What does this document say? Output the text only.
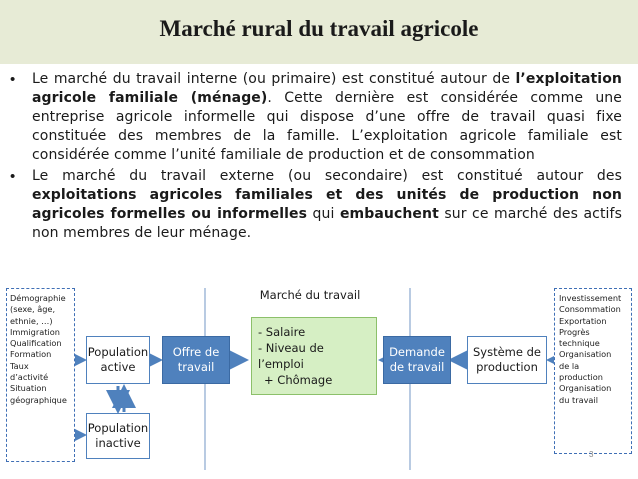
Marché rural du travail agricole
•	Le marché du travail interne (ou primaire) est constitué autour de l’exploitation agricole familiale (ménage). Cette dernière est considérée comme une entreprise agricole informelle qui dispose d’une offre de travail quasi fixe constituée des membres de la famille. L’exploitation agricole familiale est considérée comme l’unité familiale de production et de consommation
•	Le marché du travail externe (ou secondaire) est constitué autour des exploitations agricoles familiales et des unités de production non agricoles formelles ou informelles qui embauchent sur ce marché des actifs non membres de leur ménage.
Marché du travail
Démographie
(sexe, âge,
ethnie, …)
Immigration
Qualification
Formation
Taux
d’activité
Situation
géographique
Population
active
Population
inactive
Offre de
travail
- Salaire
- Niveau de l’emploi
+ Chômage
Demande
de travail
Système de
production
Investissement
Consommation
Exportation
Progrès
technique
Organisation
de la
production
Organisation
du travail
3
